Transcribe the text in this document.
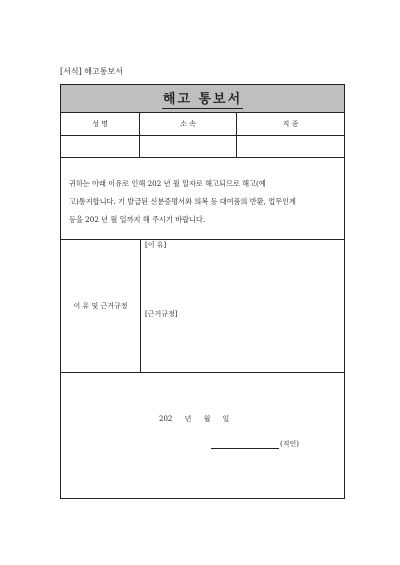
[서식] 해고통보서
해고 통보서
성 명	소 속	직 종
귀하는 아래 이유로 인해 202 년 월 일자로 해고되므로 해고(예
고)통지합니다. 기 발급된 신분증명서와 의복 등 대여품의 반환, 업무인계
등을 202 년 월 일까지 해 주시기 바랍니다.
이 유 및 근거규정
[이 유]
[근거규정]
202 년 월 일
(직인)
